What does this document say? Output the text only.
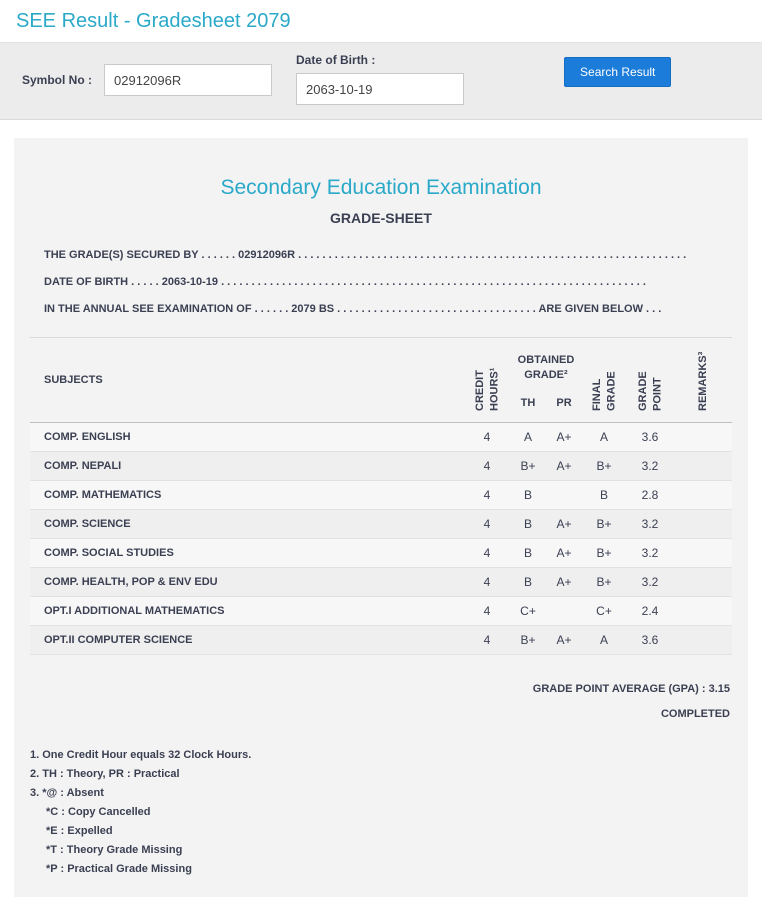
SEE Result - Gradesheet 2079
Symbol No :
02912096R
Date of Birth :
2063-10-19
Search Result
Secondary Education Examination
GRADE-SHEET
THE GRADE(S) SECURED BY . . . . . . 02912096R . . . . . . . . . . . . . . . . . . . . . . . . . . . . . . . . . . . . . . . . . . . . . . . . . . . . . . . . . . . . . . . .
DATE OF BIRTH . . . . . 2063-10-19 . . . . . . . . . . . . . . . . . . . . . . . . . . . . . . . . . . . . . . . . . . . . . . . . . . . . . . . . . . . . . . . . . . . . . .
IN THE ANNUAL SEE EXAMINATION OF . . . . . . 2079 BS . . . . . . . . . . . . . . . . . . . . . . . . . . . . . . . . . ARE GIVEN BELOW . . .
SUBJECTS	CREDIT HOURS¹	OBTAINED GRADE²		FINAL GRADE	GRADE POINT	REMARKS³
		TH	PR			
COMP. ENGLISH	4	A	A+	A	3.6	
COMP. NEPALI	4	B+	A+	B+	3.2	
COMP. MATHEMATICS	4	B		B	2.8	
COMP. SCIENCE	4	B	A+	B+	3.2	
COMP. SOCIAL STUDIES	4	B	A+	B+	3.2	
COMP. HEALTH, POP & ENV EDU	4	B	A+	B+	3.2	
OPT.I ADDITIONAL MATHEMATICS	4	C+		C+	2.4	
OPT.II COMPUTER SCIENCE	4	B+	A+	A	3.6	
GRADE POINT AVERAGE (GPA) : 3.15
COMPLETED
1. One Credit Hour equals 32 Clock Hours.
2. TH : Theory, PR : Practical
3. *@ : Absent
*C : Copy Cancelled
*E : Expelled
*T : Theory Grade Missing
*P : Practical Grade Missing
